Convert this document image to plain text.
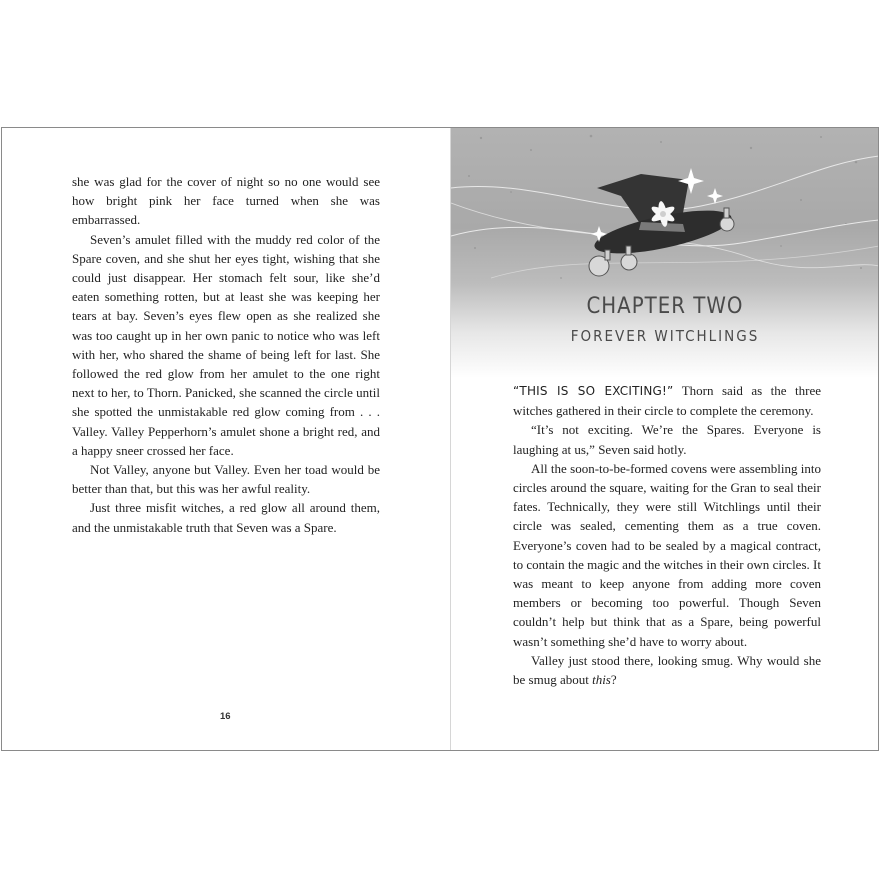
she was glad for the cover of night so no one would see how bright pink her face turned when she was embarrassed.

Seven’s amulet filled with the muddy red color of the Spare coven, and she shut her eyes tight, wishing that she could just disappear. Her stomach felt sour, like she’d eaten something rotten, but at least she was keeping her tears at bay. Seven’s eyes flew open as she realized she was too caught up in her own panic to notice who was left with her, who shared the shame of being left for last. She followed the red glow from her amulet to the one right next to her, to Thorn. Panicked, she scanned the circle until she spotted the unmistakable red glow coming from . . . Valley. Valley Pepperhorn’s amulet shone a bright red, and a happy sneer crossed her face.

Not Valley, anyone but Valley. Even her toad would be better than that, but this was her awful reality.

Just three misfit witches, a red glow all around them, and the unmistakable truth that Seven was a Spare.

16
CHAPTER TWO
FOREVER WITCHLINGS

“THIS IS SO EXCITING!” Thorn said as the three witches gathered in their circle to complete the ceremony.

“It’s not exciting. We’re the Spares. Everyone is laughing at us,” Seven said hotly.

All the soon-to-be-formed covens were assembling into circles around the square, waiting for the Gran to seal their fates. Technically, they were still Witchlings until their circle was sealed, cementing them as a true coven. Everyone’s coven had to be sealed by a magical contract, to contain the magic and the witches in their own circles. It was meant to keep anyone from adding more coven members or becoming too powerful. Though Seven couldn’t help but think that as a Spare, being powerful wasn’t something she’d have to worry about.

Valley just stood there, looking smug. Why would she be smug about this?
